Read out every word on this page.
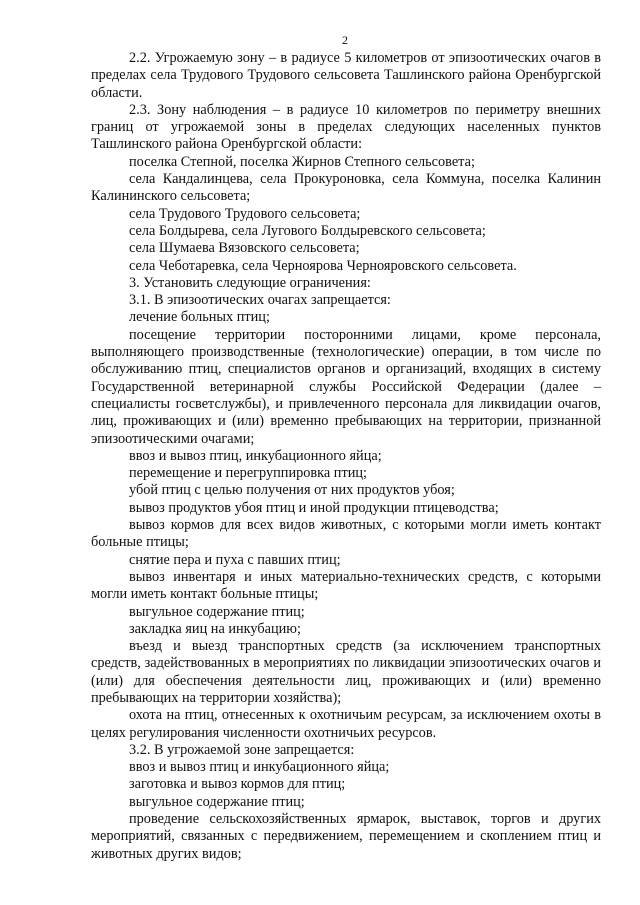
2

2.2. Угрожаемую зону – в радиусе 5 километров от эпизоотических очагов в пределах села Трудового Трудового сельсовета Ташлинского района Оренбургской области.

2.3. Зону наблюдения – в радиусе 10 километров по периметру внешних границ от угрожаемой зоны в пределах следующих населенных пунктов Ташлинского района Оренбургской области:

поселка Степной, поселка Жирнов Степного сельсовета;

села Кандалинцева, села Прокуроновка, села Коммуна, поселка Калинин Калининского сельсовета;

села Трудового Трудового сельсовета;

села Болдырева, села Лугового Болдыревского сельсовета;

села Шумаева Вязовского сельсовета;

села Чеботаревка, села Черноярова Чернояровского сельсовета.

3. Установить следующие ограничения:

3.1. В эпизоотических очагах запрещается:

лечение больных птиц;

посещение территории посторонними лицами, кроме персонала, выполняющего производственные (технологические) операции, в том числе по обслуживанию птиц, специалистов органов и организаций, входящих в систему Государственной ветеринарной службы Российской Федерации (далее – специалисты госветслужбы), и привлеченного персонала для ликвидации очагов, лиц, проживающих и (или) временно пребывающих на территории, признанной эпизоотическими очагами;

ввоз и вывоз птиц, инкубационного яйца;

перемещение и перегруппировка птиц;

убой птиц с целью получения от них продуктов убоя;

вывоз продуктов убоя птиц и иной продукции птицеводства;

вывоз кормов для всех видов животных, с которыми могли иметь контакт больные птицы;

снятие пера и пуха с павших птиц;

вывоз инвентаря и иных материально-технических средств, с которыми могли иметь контакт больные птицы;

выгульное содержание птиц;

закладка яиц на инкубацию;

въезд и выезд транспортных средств (за исключением транспортных средств, задействованных в мероприятиях по ликвидации эпизоотических очагов и (или) для обеспечения деятельности лиц, проживающих и (или) временно пребывающих на территории хозяйства);

охота на птиц, отнесенных к охотничьим ресурсам, за исключением охоты в целях регулирования численности охотничьих ресурсов.

3.2. В угрожаемой зоне запрещается:

ввоз и вывоз птиц и инкубационного яйца;

заготовка и вывоз кормов для птиц;

выгульное содержание птиц;

проведение сельскохозяйственных ярмарок, выставок, торгов и других мероприятий, связанных с передвижением, перемещением и скоплением птиц и животных других видов;
